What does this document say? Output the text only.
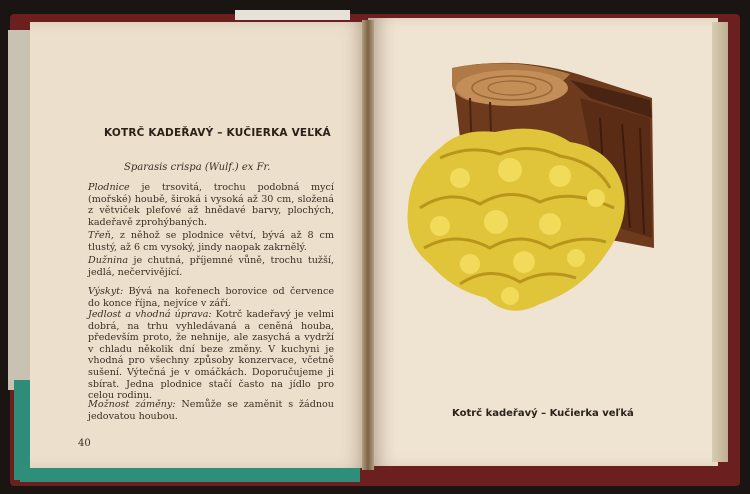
KOTRČ KADEŘAVÝ – KUČIERKA VEĽKÁ
Sparasis crispa (Wulf.) ex Fr.
Plodnice je trsovitá, trochu podobná mycí (mořské) houbě, široká i vysoká až 30 cm, složená z větviček plefové až hnědavé barvy, plochých, kadeřavě zprohýbaných.
Třeň, z něhož se plodnice větví, bývá až 8 cm tlustý, až 6 cm vysoký, jindy naopak zakrnělý.
Dužnina je chutná, příjemné vůně, trochu tužší, jedlá, nečervivějící.
Výskyt: Bývá na kořenech borovice od července do konce října, nejvíce v září.
Jedlost a vhodná úprava: Kotrč kadeřavý je velmi dobrá, na trhu vyhledávaná a ceněná houba, především proto, že nehnije, ale zasychá a vydrží v chladu několik dní beze změny. V kuchyni je vhodná pro všechny způsoby konzervace, včetně sušení. Výtečná je v omáčkách. Doporučujeme ji sbírat. Jedna plodnice stačí často na jídlo pro celou rodinu.
Možnost záměny: Nemůže se zaměnit s žádnou jedovatou houbou.
40
Kotrč kadeřavý – Kučierka veľká
